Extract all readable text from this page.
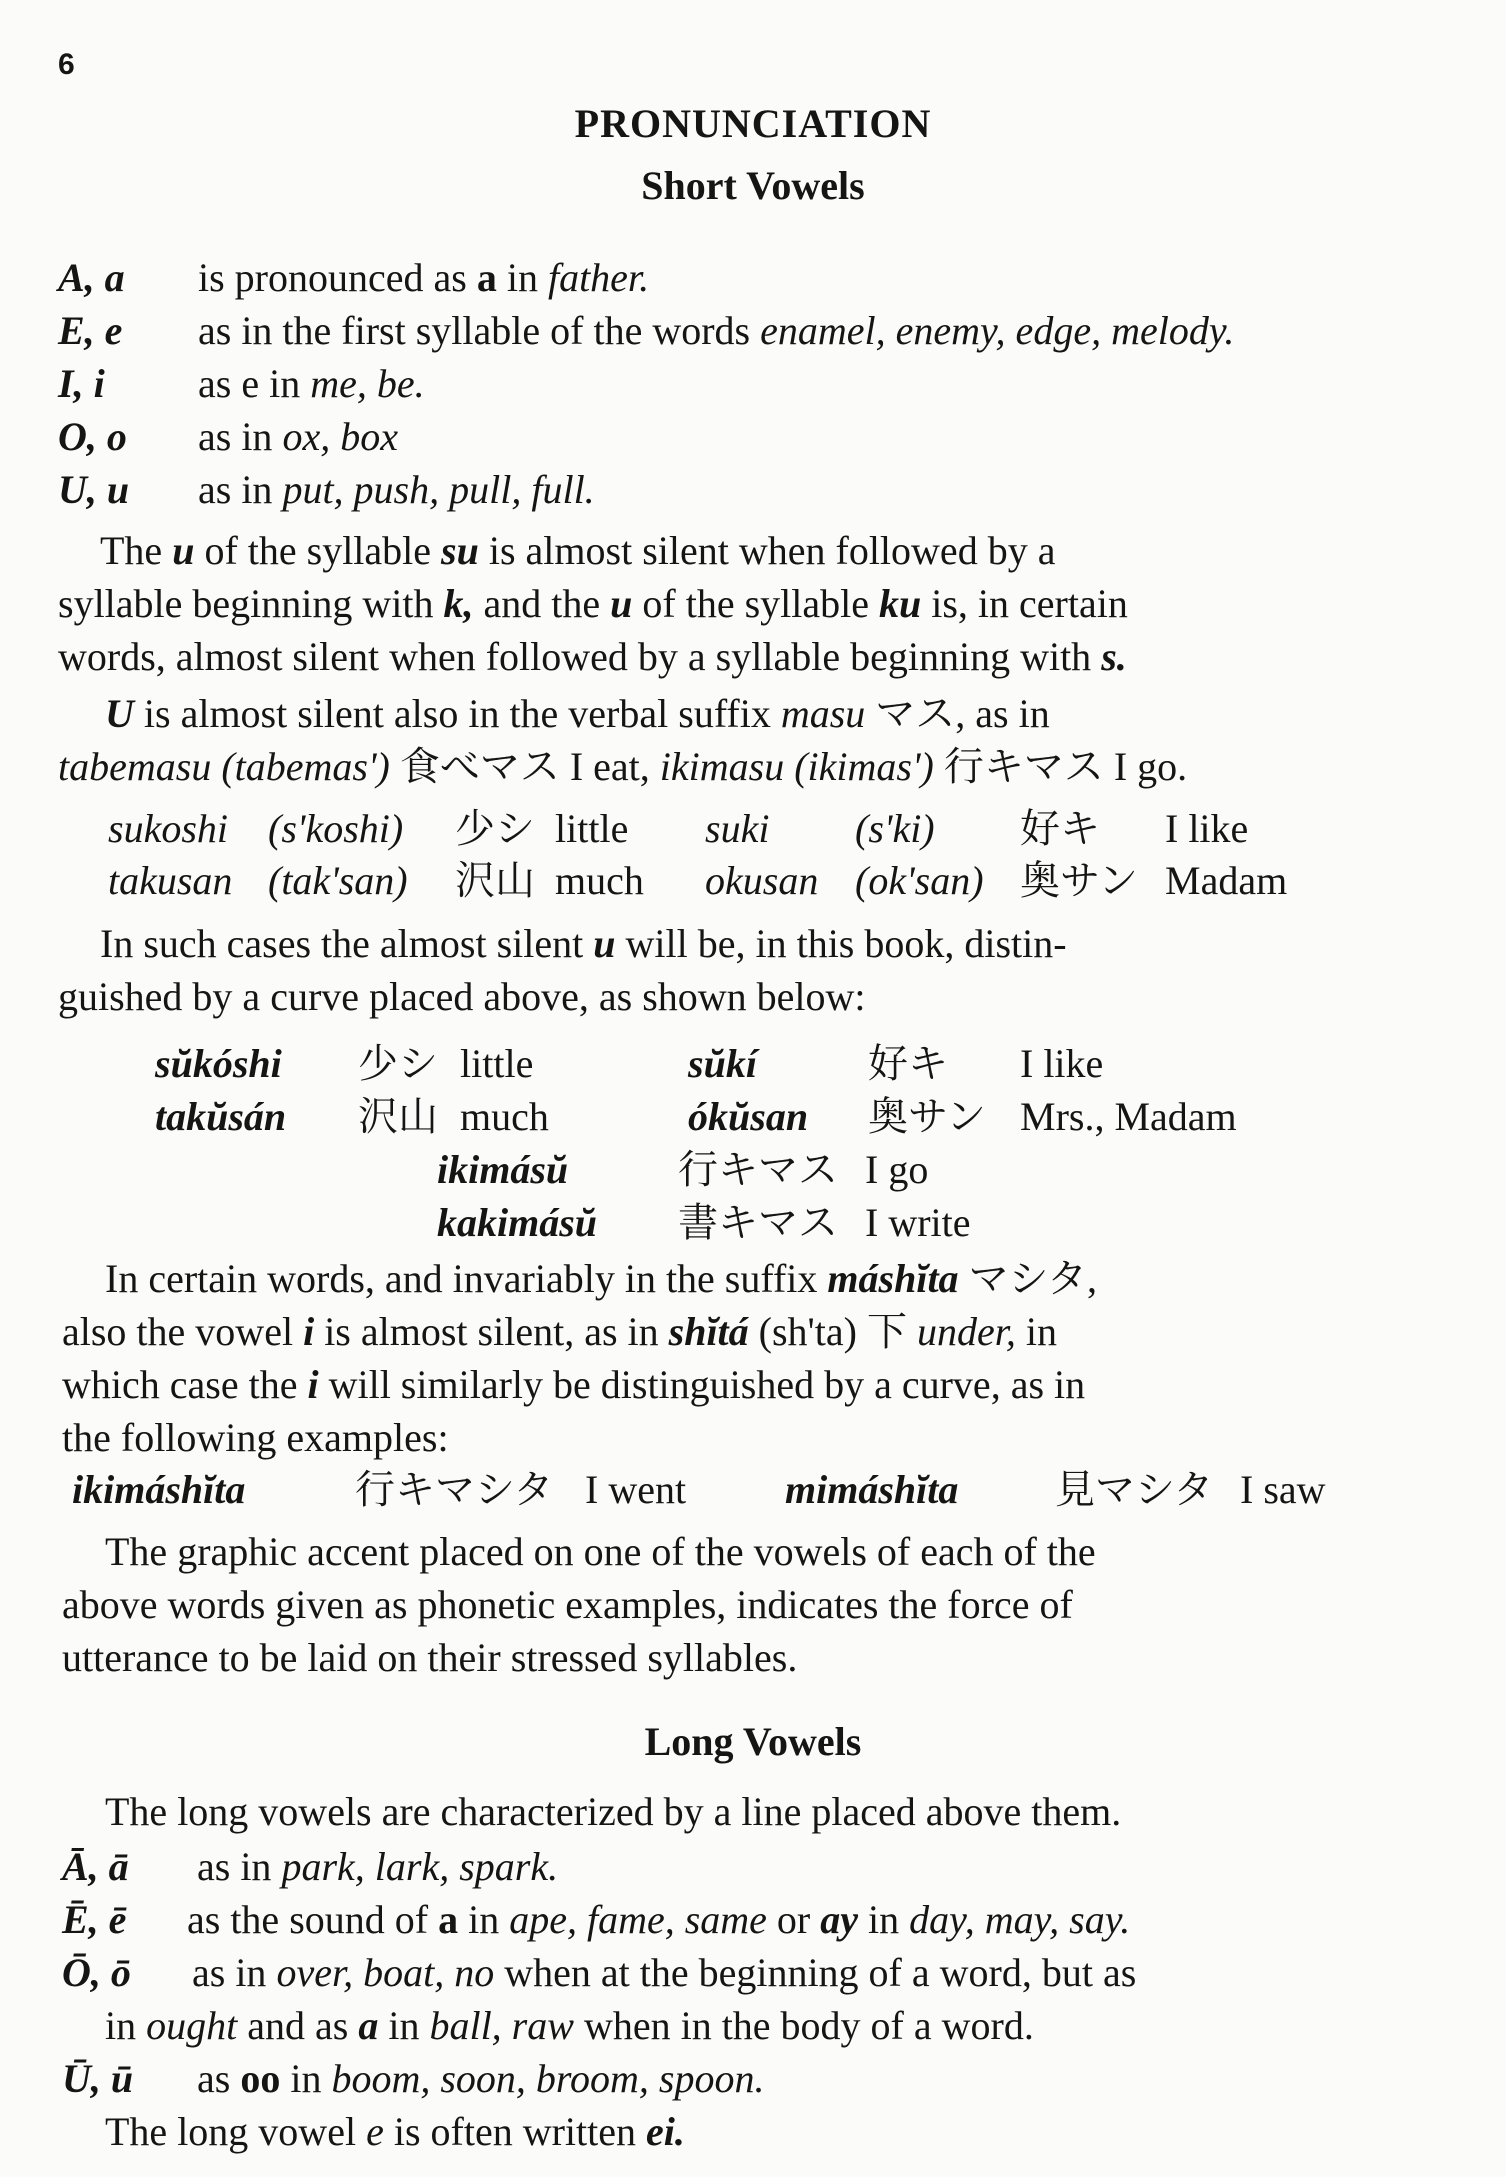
6
PRONUNCIATION
Short Vowels
A, a is pronounced as a in father.
E, e as in the first syllable of the words enamel, enemy, edge, melody.
I, i as e in me, be.
O, o as in ox, box
U, u as in put, push, pull, full.
The u of the syllable su is almost silent when followed by a
syllable beginning with k, and the u of the syllable ku is, in certain
words, almost silent when followed by a syllable beginning with s.
U is almost silent also in the verbal suffix masu マス, as in
tabemasu (tabemas') 食べマス I eat, ikimasu (ikimas') 行キマス I go.
sukoshi (s'koshi) 少シ little suki (s'ki) 好キ I like
takusan (tak'san) 沢山 much okusan (ok'san) 奥サン Madam
In such cases the almost silent u will be, in this book, distin-
guished by a curve placed above, as shown below:
sŭkóshi 少シ little	sŭkí	好キ I like
takŭsán 沢山 much	ókŭsan 奥サン Mrs., Madam
ikimásŭ	行キマス I go
kakimásŭ 書キマス I write
In certain words, and invariably in the suffix máshĭta マシタ,
also the vowel i is almost silent, as in shĭtá (sh'ta) 下 under, in
which case the i will similarly be distinguished by a curve, as in
the following examples:
ikimáshĭta	行キマシタ I went mimáshĭta 見マシタ I saw
The graphic accent placed on one of the vowels of each of the
above words given as phonetic examples, indicates the force of
utterance to be laid on their stressed syllables.
Long Vowels
The long vowels are characterized by a line placed above them.
Ā, ā as in park, lark, spark.
Ē, ē as the sound of a in ape, fame, same or ay in day, may, say.
Ō, ō as in over, boat, no when at the beginning of a word, but as
in ought and as a in ball, raw when in the body of a word.
Ū, ū as oo in boom, soon, broom, spoon.
The long vowel e is often written ei.
